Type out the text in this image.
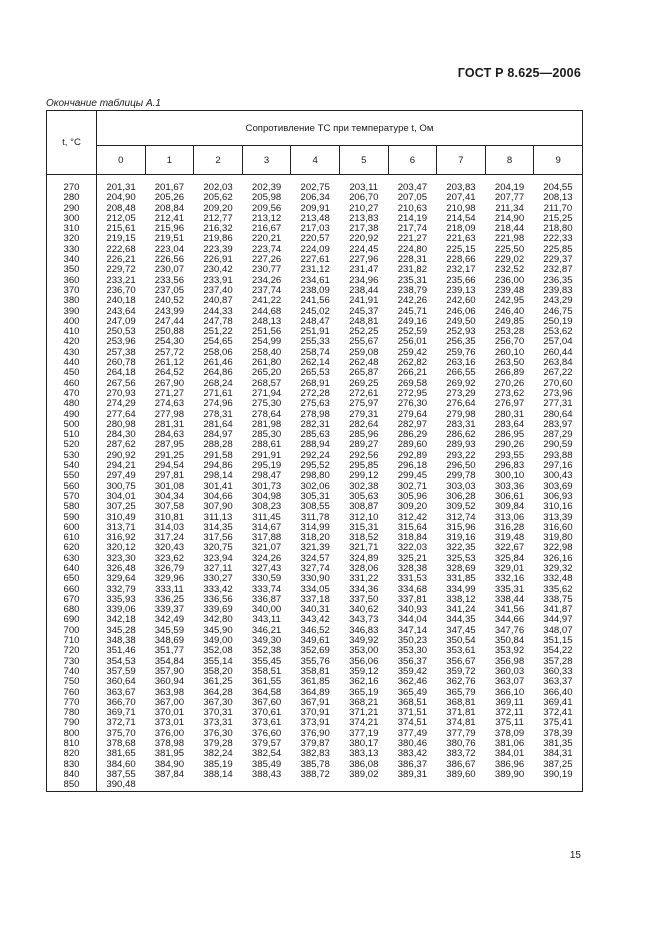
ГОСТ Р 8.625—2006
Окончание таблицы А.1
t, °C	Сопротивление ТС при температуре t, Ом									
	0	1	2	3	4	5	6	7	8	9

270	201,31	201,67	202,03	202,39	202,75	203,11	203,47	203,83	204,19	204,55
280	204,90	205,26	205,62	205,98	206,34	206,70	207,05	207,41	207,77	208,13
290	208,48	208,84	209,20	209,56	209,91	210,27	210,63	210,98	211,34	211,70
300	212,05	212,41	212,77	213,12	213,48	213,83	214,19	214,54	214,90	215,25
310	215,61	215,96	216,32	216,67	217,03	217,38	217,74	218,09	218,44	218,80
320	219,15	219,51	219,86	220,21	220,57	220,92	221,27	221,63	221,98	222,33
330	222,68	223,04	223,39	223,74	224,09	224,45	224,80	225,15	225,50	225,85
340	226,21	226,56	226,91	227,26	227,61	227,96	228,31	228,66	229,02	229,37
350	229,72	230,07	230,42	230,77	231,12	231,47	231,82	232,17	232,52	232,87
360	233,21	233,56	233,91	234,26	234,61	234,96	235,31	235,66	236,00	236,35
370	236,70	237,05	237,40	237,74	238,09	238,44	238,79	239,13	239,48	239,83
380	240,18	240,52	240,87	241,22	241,56	241,91	242,26	242,60	242,95	243,29
390	243,64	243,99	244,33	244,68	245,02	245,37	245,71	246,06	246,40	246,75
400	247,09	247,44	247,78	248,13	248,47	248,81	249,16	249,50	249,85	250,19
410	250,53	250,88	251,22	251,56	251,91	252,25	252,59	252,93	253,28	253,62
420	253,96	254,30	254,65	254,99	255,33	255,67	256,01	256,35	256,70	257,04
430	257,38	257,72	258,06	258,40	258,74	259,08	259,42	259,76	260,10	260,44
440	260,78	261,12	261,46	261,80	262,14	262,48	262,82	263,16	263,50	263,84
450	264,18	264,52	264,86	265,20	265,53	265,87	266,21	266,55	266,89	267,22
460	267,56	267,90	268,24	268,57	268,91	269,25	269,58	269,92	270,26	270,60
470	270,93	271,27	271,61	271,94	272,28	272,61	272,95	273,29	273,62	273,96
480	274,29	274,63	274,96	275,30	275,63	275,97	276,30	276,64	276,97	277,31
490	277,64	277,98	278,31	278,64	278,98	279,31	279,64	279,98	280,31	280,64
500	280,98	281,31	281,64	281,98	282,31	282,64	282,97	283,31	283,64	283,97
510	284,30	284,63	284,97	285,30	285,63	285,96	286,29	286,62	286,95	287,29
520	287,62	287,95	288,28	288,61	288,94	289,27	289,60	289,93	290,26	290,59
530	290,92	291,25	291,58	291,91	292,24	292,56	292,89	293,22	293,55	293,88
540	294,21	294,54	294,86	295,19	295,52	295,85	296,18	296,50	296,83	297,16
550	297,49	297,81	298,14	298,47	298,80	299,12	299,45	299,78	300,10	300,43
560	300,75	301,08	301,41	301,73	302,06	302,38	302,71	303,03	303,36	303,69
570	304,01	304,34	304,66	304,98	305,31	305,63	305,96	306,28	306,61	306,93
580	307,25	307,58	307,90	308,23	308,55	308,87	309,20	309,52	309,84	310,16
590	310,49	310,81	311,13	311,45	311,78	312,10	312,42	312,74	313,06	313,39
600	313,71	314,03	314,35	314,67	314,99	315,31	315,64	315,96	316,28	316,60
610	316,92	317,24	317,56	317,88	318,20	318,52	318,84	319,16	319,48	319,80
620	320,12	320,43	320,75	321,07	321,39	321,71	322,03	322,35	322,67	322,98
630	323,30	323,62	323,94	324,26	324,57	324,89	325,21	325,53	325,84	326,16
640	326,48	326,79	327,11	327,43	327,74	328,06	328,38	328,69	329,01	329,32
650	329,64	329,96	330,27	330,59	330,90	331,22	331,53	331,85	332,16	332,48
660	332,79	333,11	333,42	333,74	334,05	334,36	334,68	334,99	335,31	335,62
670	335,93	336,25	336,56	336,87	337,18	337,50	337,81	338,12	338,44	338,75
680	339,06	339,37	339,69	340,00	340,31	340,62	340,93	341,24	341,56	341,87
690	342,18	342,49	342,80	343,11	343,42	343,73	344,04	344,35	344,66	344,97
700	345,28	345,59	345,90	346,21	346,52	346,83	347,14	347,45	347,76	348,07
710	348,38	348,69	349,00	349,30	349,61	349,92	350,23	350,54	350,84	351,15
720	351,46	351,77	352,08	352,38	352,69	353,00	353,30	353,61	353,92	354,22
730	354,53	354,84	355,14	355,45	355,76	356,06	356,37	356,67	356,98	357,28
740	357,59	357,90	358,20	358,51	358,81	359,12	359,42	359,72	360,03	360,33
750	360,64	360,94	361,25	361,55	361,85	362,16	362,46	362,76	363,07	363,37
760	363,67	363,98	364,28	364,58	364,89	365,19	365,49	365,79	366,10	366,40
770	366,70	367,00	367,30	367,60	367,91	368,21	368,51	368,81	369,11	369,41
780	369,71	370,01	370,31	370,61	370,91	371,21	371,51	371,81	372,11	372,41
790	372,71	373,01	373,31	373,61	373,91	374,21	374,51	374,81	375,11	375,41
800	375,70	376,00	376,30	376,60	376,90	377,19	377,49	377,79	378,09	378,39
810	378,68	378,98	379,28	379,57	379,87	380,17	380,46	380,76	381,06	381,35
820	381,65	381,95	382,24	382,54	382,83	383,13	383,42	383,72	384,01	384,31
830	384,60	384,90	385,19	385,49	385,78	386,08	386,37	386,67	386,96	387,25
840	387,55	387,84	388,14	388,43	388,72	389,02	389,31	389,60	389,90	390,19
850	390,48									
15
